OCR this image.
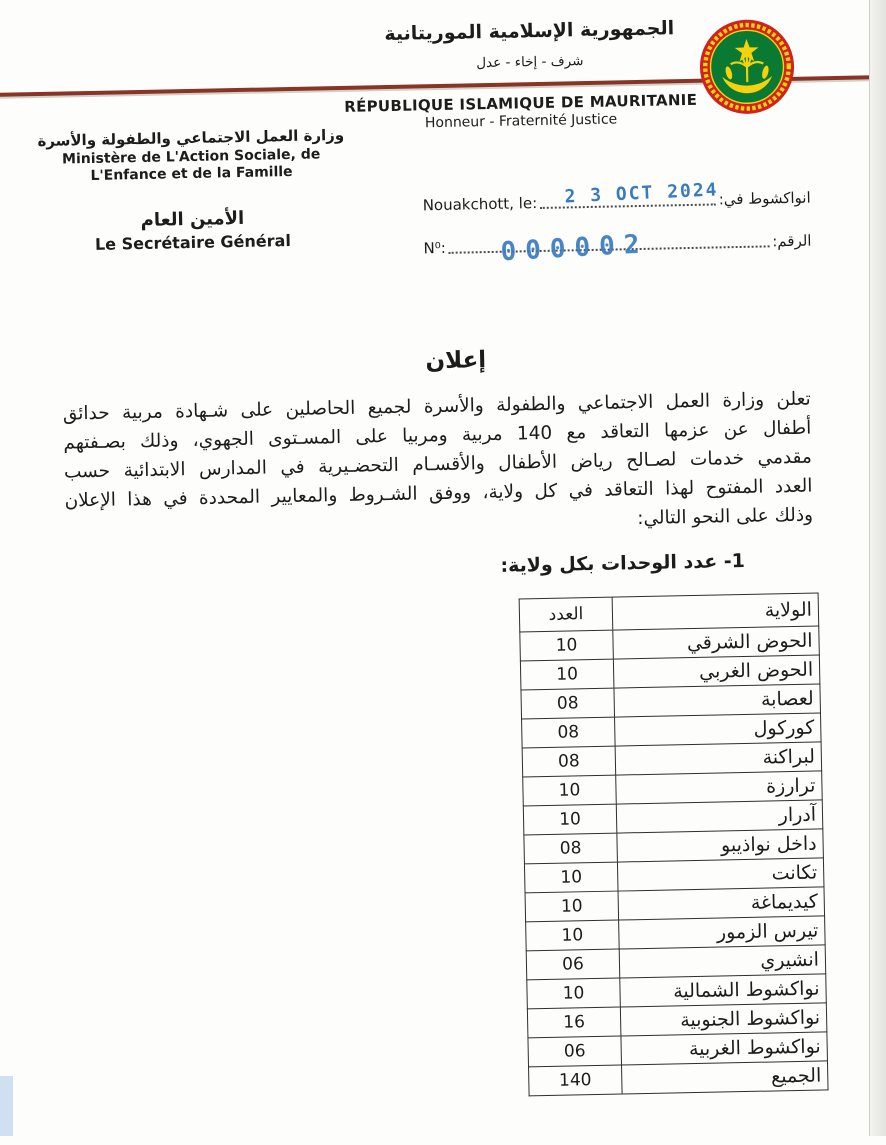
الجمهورية الإسلامية الموريتانية
شرف - إخاء - عدل
RÉPUBLIQUE ISLAMIQUE DE MAURITANIE
Honneur - Fraternité Justice
وزارة العمل الاجتماعي والطفولة والأسرة
Ministère de L'Action Sociale, de
L'Enfance et de la Famille
الأمين العام
Le Secrétaire Général
Nouakchott, le: 2 3 OCT 2024 انواكشوط في:
N⁰: 000002	الرقم:
إعلان
تعلن وزارة العمل الاجتماعي والطفولة والأسرة لجميع الحاصلين على شـهادة مربية حدائق
أطفال عن عزمها التعاقد مع 140 مربية ومربيا على المسـتوى الجهوي، وذلك بصـفتهم
مقدمي خدمات لصـالح رياض الأطفال والأقسـام التحضـيرية في المدارس الابتدائية حسب
العدد المفتوح لهذا التعاقد في كل ولاية، ووفق الشـروط والمعايير المحددة في هذا الإعلان
وذلك على النحو التالي:
1- عدد الوحدات بكل ولاية:
الولاية	العدد
الحوض الشرقي	10
الحوض الغربي	10
لعصابة	08
كوركول	08
لبراكنة	08
ترارزة	10
آدرار	10
داخل نواذيبو	08
تكانت	10
كيديماغة	10
تيرس الزمور	10
انشيري	06
نواكشوط الشمالية	10
نواكشوط الجنوبية	16
نواكشوط الغربية	06
الجميع	140
